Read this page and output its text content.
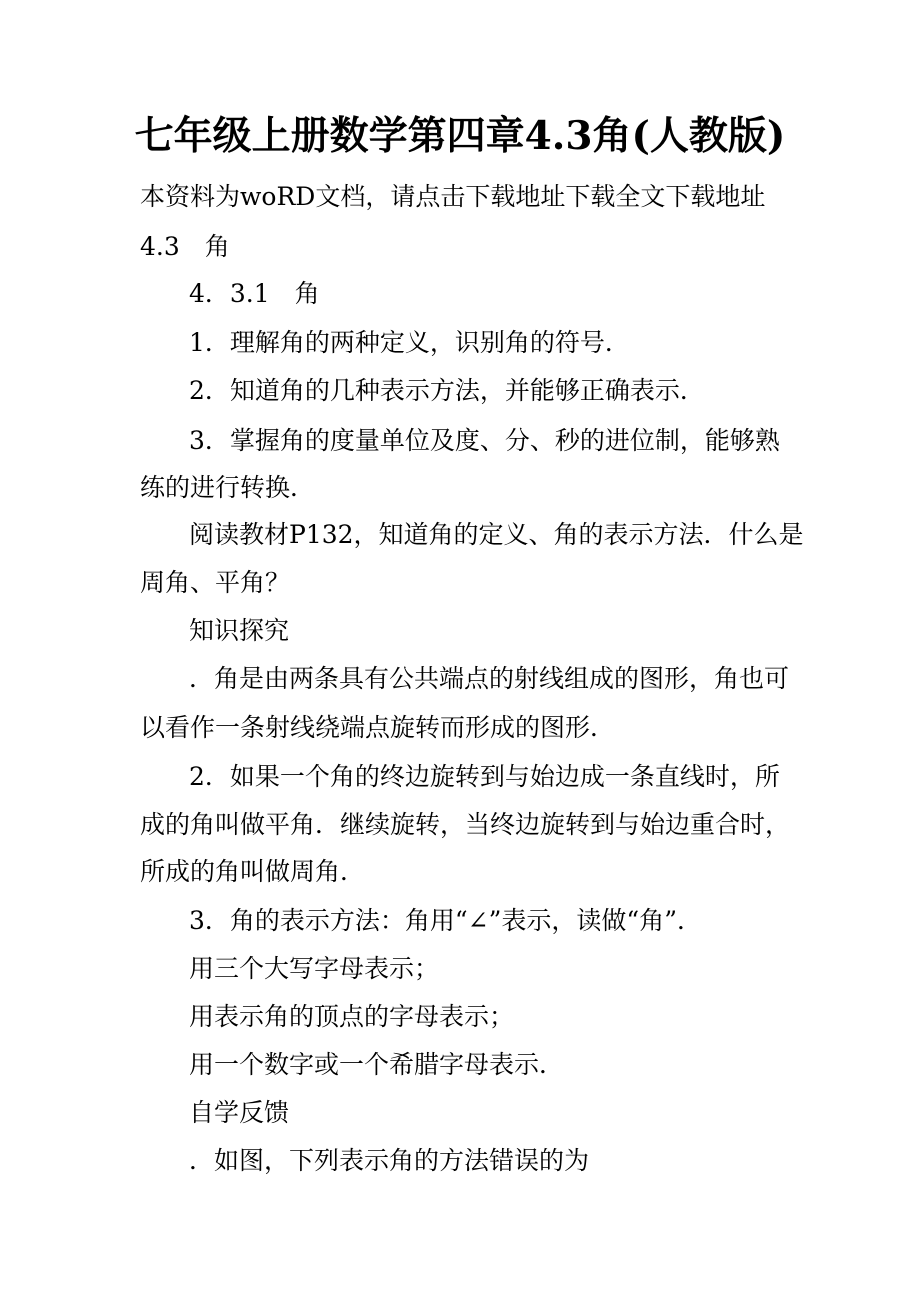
七年级上册数学第四章4.3角(人教版)
本资料为woRD文档，请点击下载地址下载全文下载地址
4.3　角
4．3.1　角
1．理解角的两种定义，识别角的符号．
2．知道角的几种表示方法，并能够正确表示．
3．掌握角的度量单位及度、分、秒的进位制，能够熟
练的进行转换．
阅读教材P132，知道角的定义、角的表示方法．什么是
周角、平角？
知识探究
．角是由两条具有公共端点的射线组成的图形，角也可
以看作一条射线绕端点旋转而形成的图形．
2．如果一个角的终边旋转到与始边成一条直线时，所
成的角叫做平角．继续旋转，当终边旋转到与始边重合时，
所成的角叫做周角．
3．角的表示方法：角用“∠”表示，读做“角”．
用三个大写字母表示；
用表示角的顶点的字母表示；
用一个数字或一个希腊字母表示．
自学反馈
．如图，下列表示角的方法错误的为
